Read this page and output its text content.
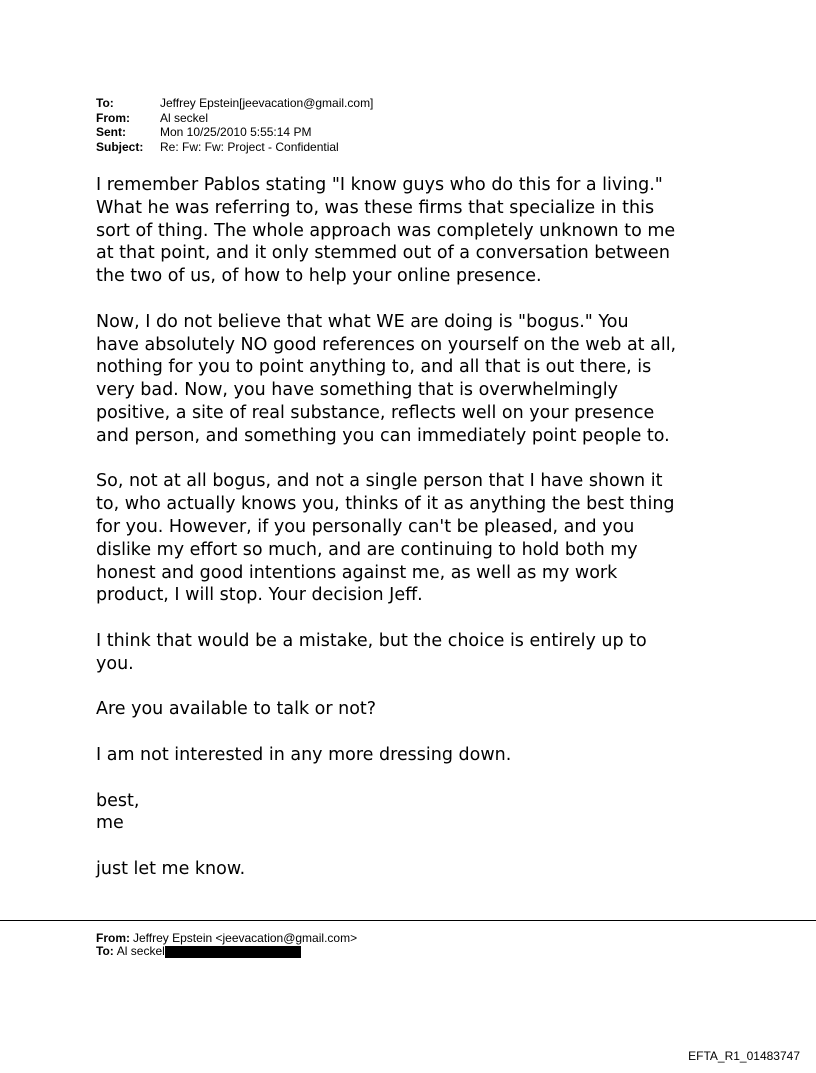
To:	Jeffrey Epstein[jeevacation@gmail.com]
From:	Al seckel
Sent:	Mon 10/25/2010 5:55:14 PM
Subject:	Re: Fw: Fw: Project - Confidential

I remember Pablos stating "I know guys who do this for a living."
What he was referring to, was these firms that specialize in this
sort of thing. The whole approach was completely unknown to me
at that point, and it only stemmed out of a conversation between
the two of us, of how to help your online presence.

Now, I do not believe that what WE are doing is "bogus." You
have absolutely NO good references on yourself on the web at all,
nothing for you to point anything to, and all that is out there, is
very bad. Now, you have something that is overwhelmingly
positive, a site of real substance, reflects well on your presence
and person, and something you can immediately point people to.

So, not at all bogus, and not a single person that I have shown it
to, who actually knows you, thinks of it as anything the best thing
for you. However, if you personally can't be pleased, and you
dislike my effort so much, and are continuing to hold both my
honest and good intentions against me, as well as my work
product, I will stop. Your decision Jeff.

I think that would be a mistake, but the choice is entirely up to
you.

Are you available to talk or not?

I am not interested in any more dressing down.

best,
me

just let me know.

From: Jeffrey Epstein <jeevacation@gmail.com>
To: Al seckel
EFTA_R1_01483747
